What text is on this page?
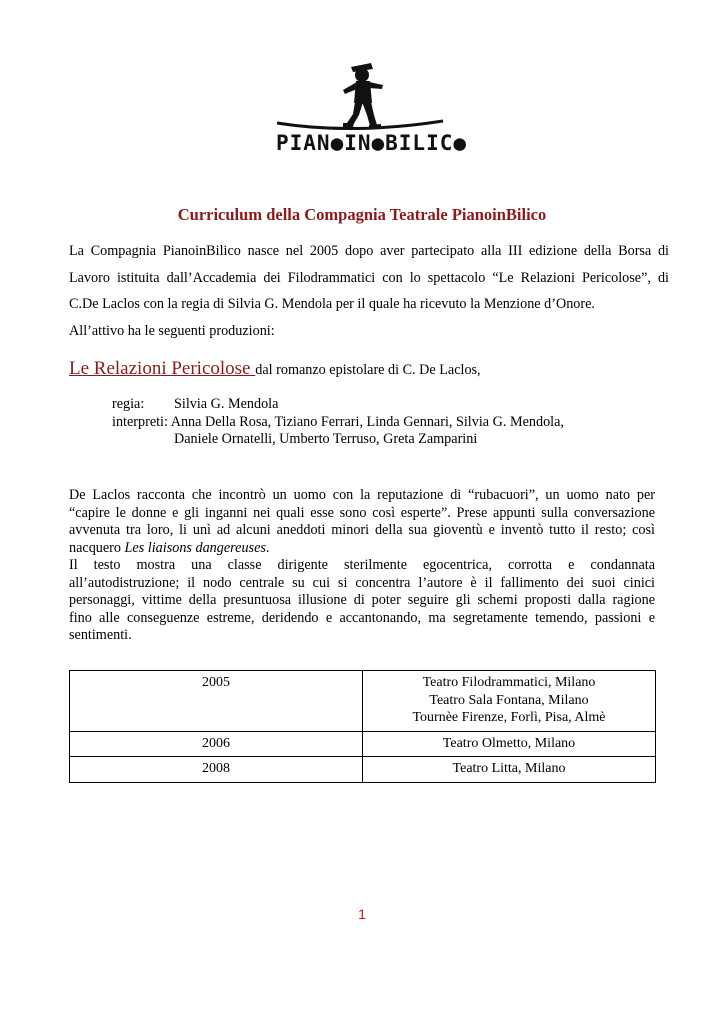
PIAN●IN●BILIC●
Curriculum della Compagnia Teatrale PianoinBilico
La Compagnia PianoinBilico nasce nel 2005 dopo aver partecipato alla III edizione della Borsa di
Lavoro istituita dall’Accademia dei Filodrammatici con lo spettacolo “Le Relazioni Pericolose”, di
C.De Laclos con la regia di Silvia G. Mendola per il quale ha ricevuto la Menzione d’Onore.
All’attivo ha le seguenti produzioni:
Le Relazioni Pericolose dal romanzo epistolare di C. De Laclos,
regia: Silvia G. Mendola
interpreti: Anna Della Rosa, Tiziano Ferrari, Linda Gennari, Silvia G. Mendola,
Daniele Ornatelli, Umberto Terruso, Greta Zamparini
De Laclos racconta che incontrò un uomo con la reputazione di “rubacuori”, un uomo nato per
“capire le donne e gli inganni nei quali esse sono così esperte”. Prese appunti sulla conversazione
avvenuta tra loro, li unì ad alcuni aneddoti minori della sua gioventù e inventò tutto il resto; così
nacquero Les liaisons dangereuses.
Il testo mostra una classe dirigente sterilmente egocentrica, corrotta e condannata
all’autodistruzione; il nodo centrale su cui si concentra l’autore è il fallimento dei suoi cinici
personaggi, vittime della presuntuosa illusione di poter seguire gli schemi proposti dalla ragione
fino alle conseguenze estreme, deridendo e accantonando, ma segretamente temendo, passioni e
sentimenti.
2005	Teatro Filodrammatici, Milano
Teatro Sala Fontana, Milano
Tournèe Firenze, Forlì, Pisa, Almè

2006	Teatro Olmetto, Milano

2008	Teatro Litta, Milano
1
